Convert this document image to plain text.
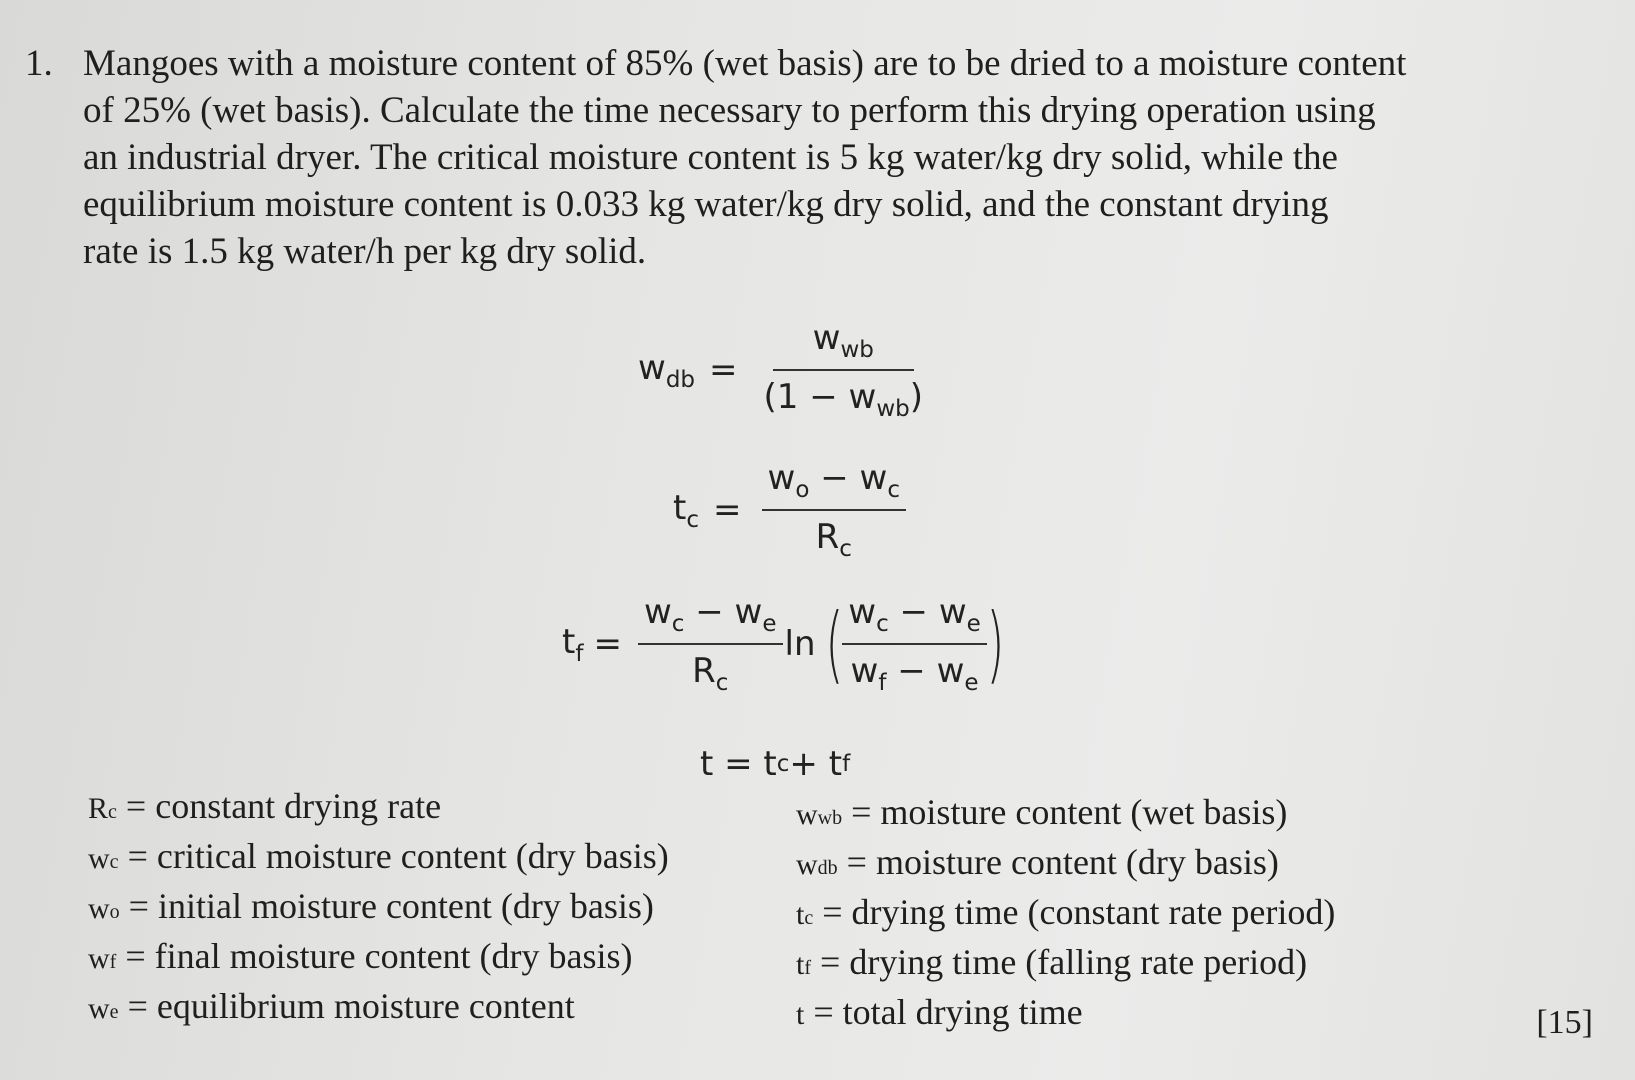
1. Mangoes with a moisture content of 85% (wet basis) are to be dried to a moisture content
of 25% (wet basis). Calculate the time necessary to perform this drying operation using
an industrial dryer. The critical moisture content is 5 kg water/kg dry solid, while the
equilibrium moisture content is 0.033 kg water/kg dry solid, and the constant drying
rate is 1.5 kg water/h per kg dry solid.
$w_{db} = \frac{w_{wb}}{(1 - w_{wb})}$
$t_c = \frac{w_o - w_c}{R_c}$
$t_f = \frac{w_c - w_e}{R_c}$ ln ( $\frac{w_c - w_e}{w_f - w_e}$ )
t = t c + t f
Rc = constant drying rate
wc = critical moisture content (dry basis)
wo = initial moisture content (dry basis)
wf = final moisture content (dry basis)
we = equilibrium moisture content
wwb = moisture content (wet basis)
wdb = moisture content (dry basis)
tc = drying time (constant rate period)
tf = drying time (falling rate period)
t = total drying time	[15]
